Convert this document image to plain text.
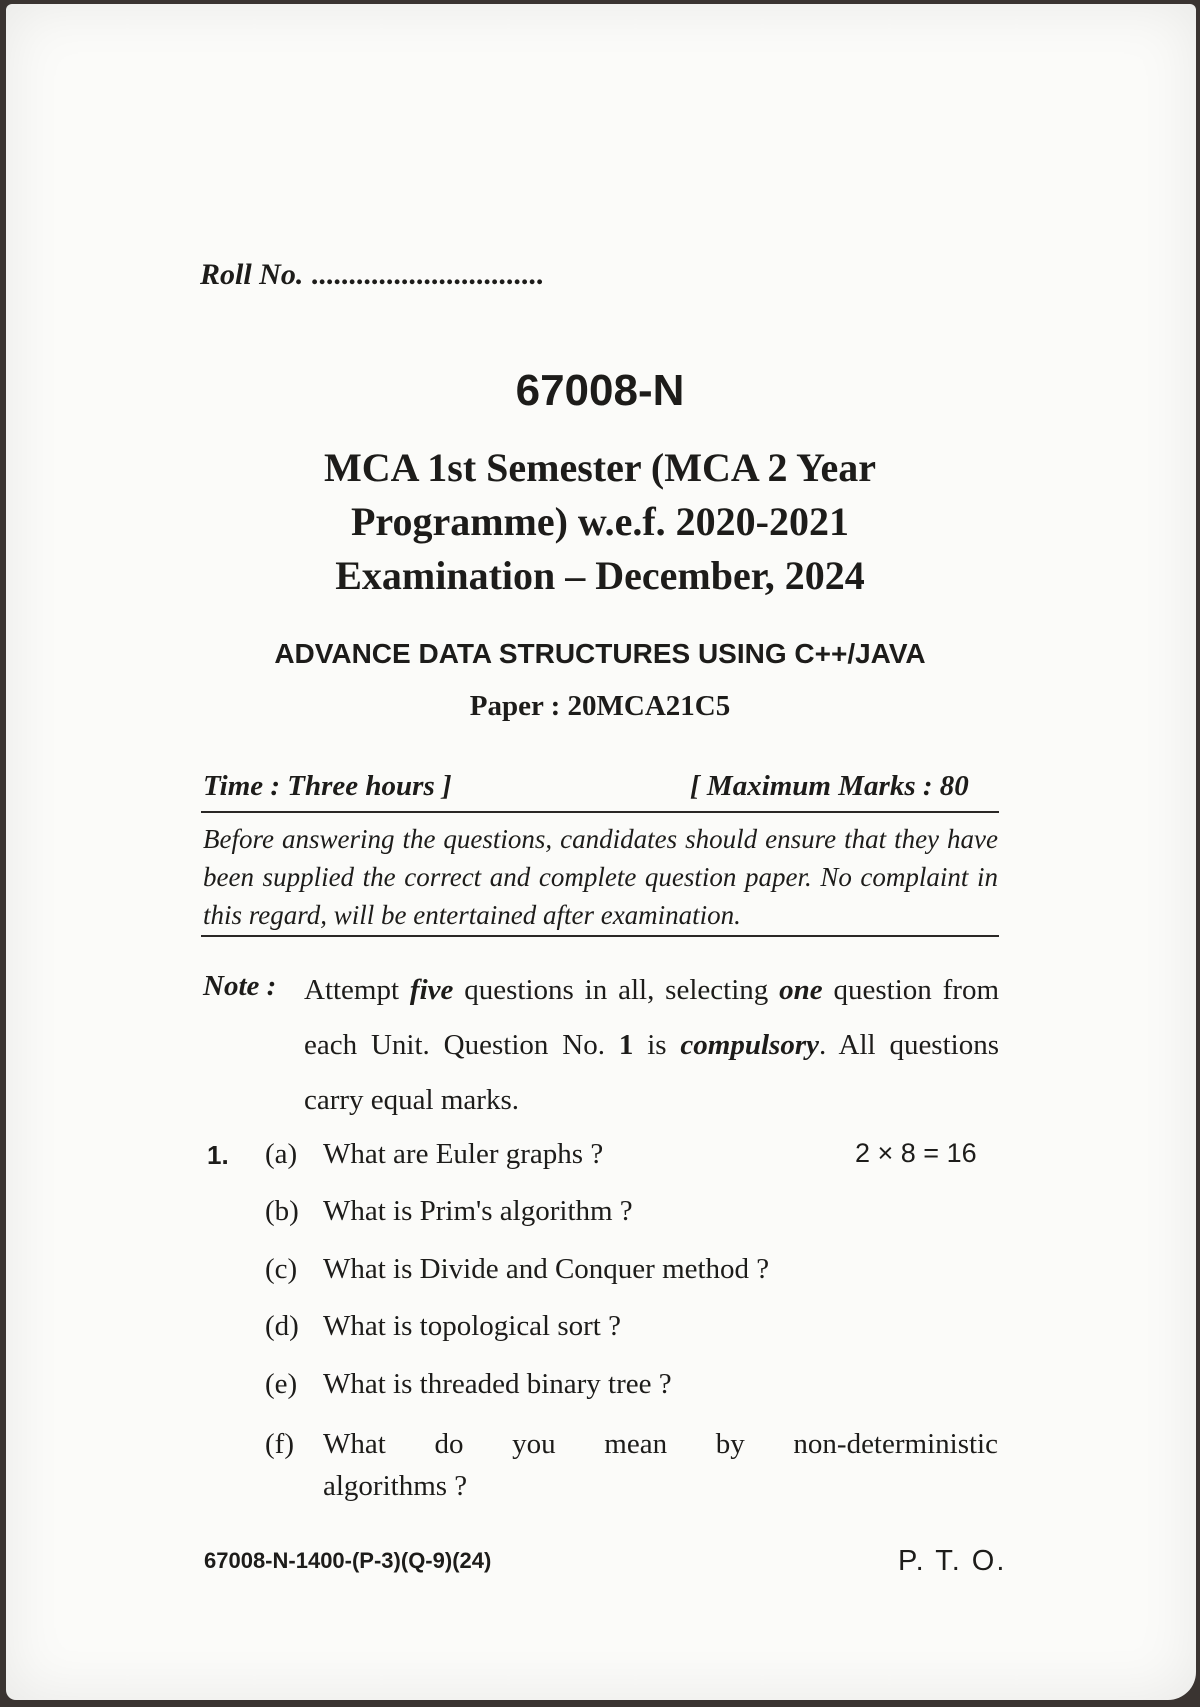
Roll No. ...............................
67008-N
MCA 1st Semester (MCA 2 Year
Programme) w.e.f. 2020-2021
Examination – December, 2024
ADVANCE DATA STRUCTURES USING C++/JAVA
Paper : 20MCA21C5
Time : Three hours ]	[ Maximum Marks : 80
Before answering the questions, candidates should ensure that they have been supplied the correct and complete question paper. No complaint in this regard, will be entertained after examination.
Note : Attempt five questions in all, selecting one question from each Unit. Question No. 1 is compulsory. All questions carry equal marks.
1.	2 × 8 = 16
(a) What are Euler graphs ?
(b) What is Prim's algorithm ?
(c) What is Divide and Conquer method ?
(d) What is topological sort ?
(e) What is threaded binary tree ?
(f) What do you mean by non-deterministic
algorithms ?
67008-N-1400-(P-3)(Q-9)(24)	P. T. O.
